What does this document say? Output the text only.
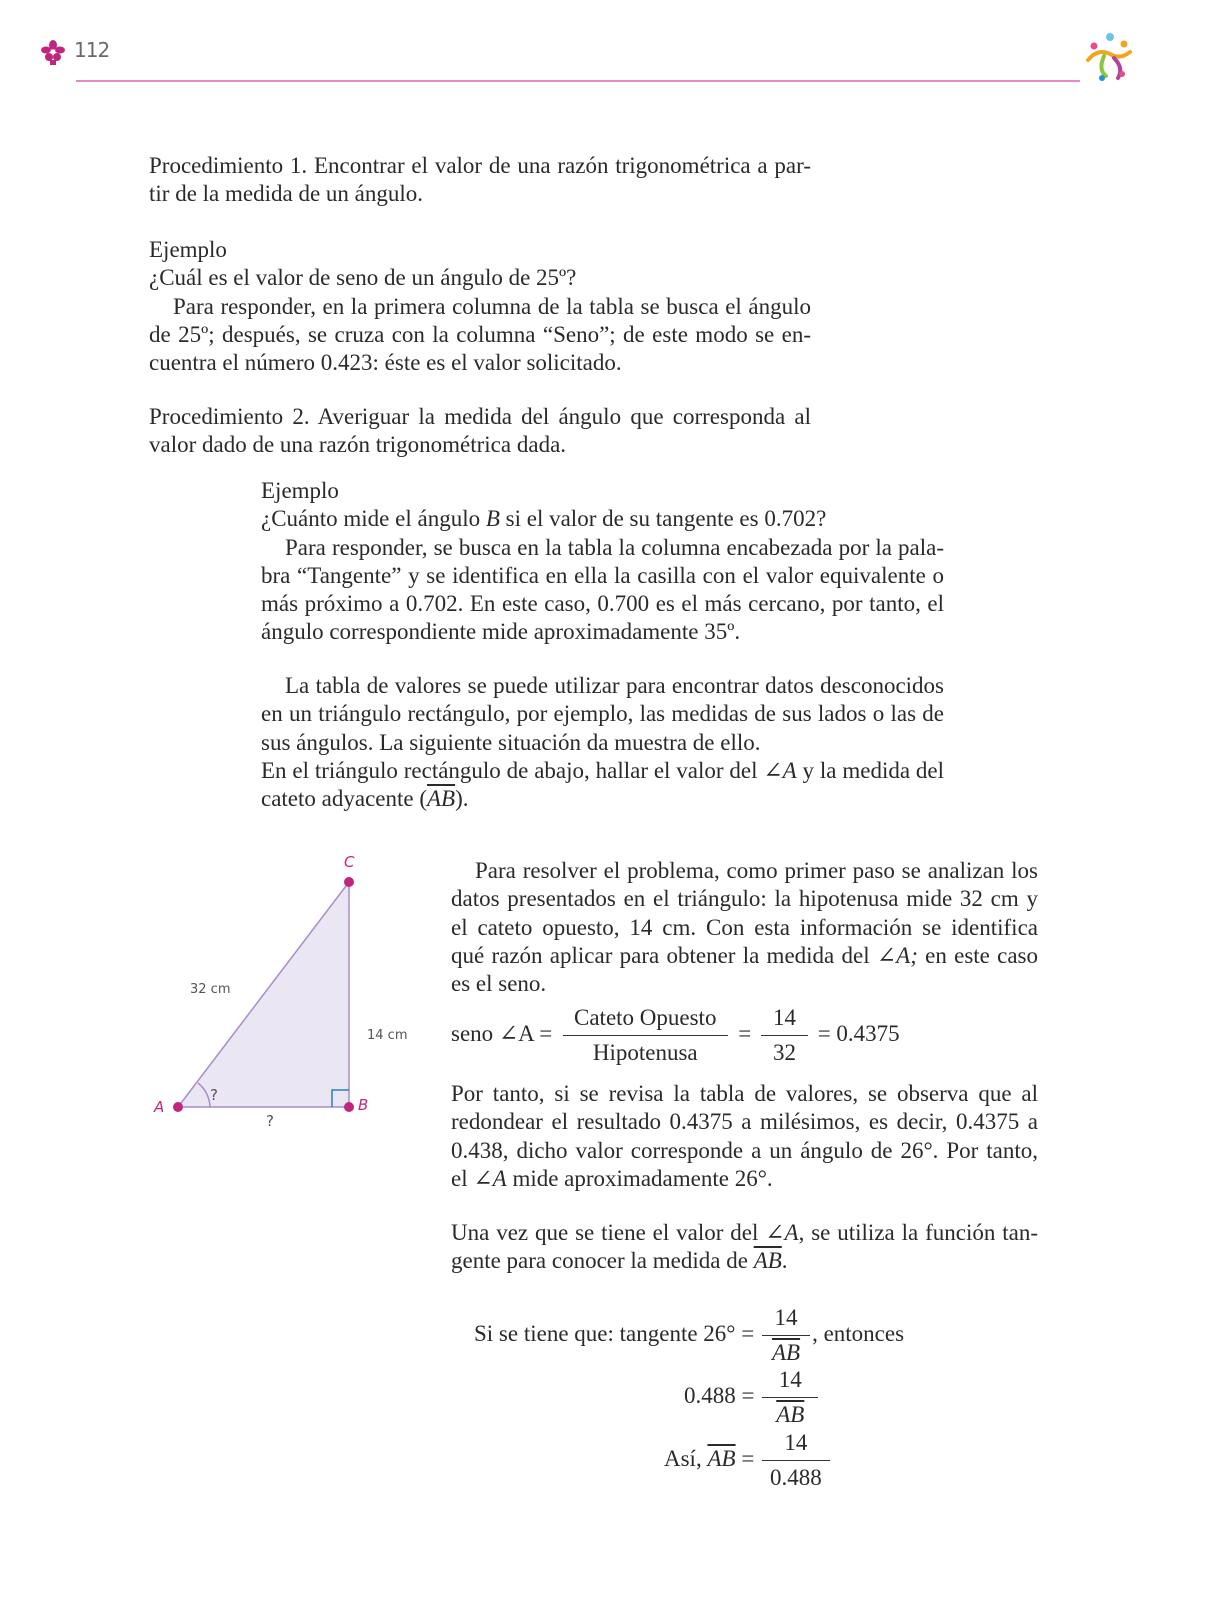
112

Procedimiento 1. Encontrar el valor de una razón trigonométrica a par-

tir de la medida de un ángulo.

Ejemplo

¿Cuál es el valor de seno de un ángulo de 25º?

Para responder, en la primera columna de la tabla se busca el ángulo

de 25º; después, se cruza con la columna “Seno”; de este modo se en-

cuentra el número 0.423: éste es el valor solicitado.

Procedimiento 2. Averiguar la medida del ángulo que corresponda al

valor dado de una razón trigonométrica dada.

Ejemplo

¿Cuánto mide el ángulo B si el valor de su tangente es 0.702?

Para responder, se busca en la tabla la columna encabezada por la pala-

bra “Tangente” y se identifica en ella la casilla con el valor equivalente o

más próximo a 0.702. En este caso, 0.700 es el más cercano, por tanto, el

ángulo correspondiente mide aproximadamente 35º.

La tabla de valores se puede utilizar para encontrar datos desconocidos

en un triángulo rectángulo, por ejemplo, las medidas de sus lados o las de

sus ángulos. La siguiente situación da muestra de ello.

En el triángulo rectángulo de abajo, hallar el valor del ∠A y la medida del

cateto adyacente $(\overline{AB})$.

A	B
C
32 cm
14 cm
?
?

Para resolver el problema, como primer paso se analizan los

datos presentados en el triángulo: la hipotenusa mide 32 cm y

el cateto opuesto, 14 cm. Con esta información se identifica

qué razón aplicar para obtener la medida del ∠A; en este caso

es el seno.

seno ∠A = $\frac{\text{Cateto Opuesto}}{\text{Hipotenusa}} = \frac{14}{32} = 0.4375$

Por tanto, si se revisa la tabla de valores, se observa que al

redondear el resultado 0.4375 a milésimos, es decir, 0.4375 a

0.438, dicho valor corresponde a un ángulo de 26°. Por tanto,

el ∠A mide aproximadamente 26°.

Una vez que se tiene el valor del ∠A, se utiliza la función tan-

gente para conocer la medida de $\overline{AB}$.

Si se tiene que: tangente $26^\circ = \frac{14}{AB}$ , entonces
$0.488 = \frac{14}{AB}$
Así, $\overline{AB} = \frac{14}{0.488}$
